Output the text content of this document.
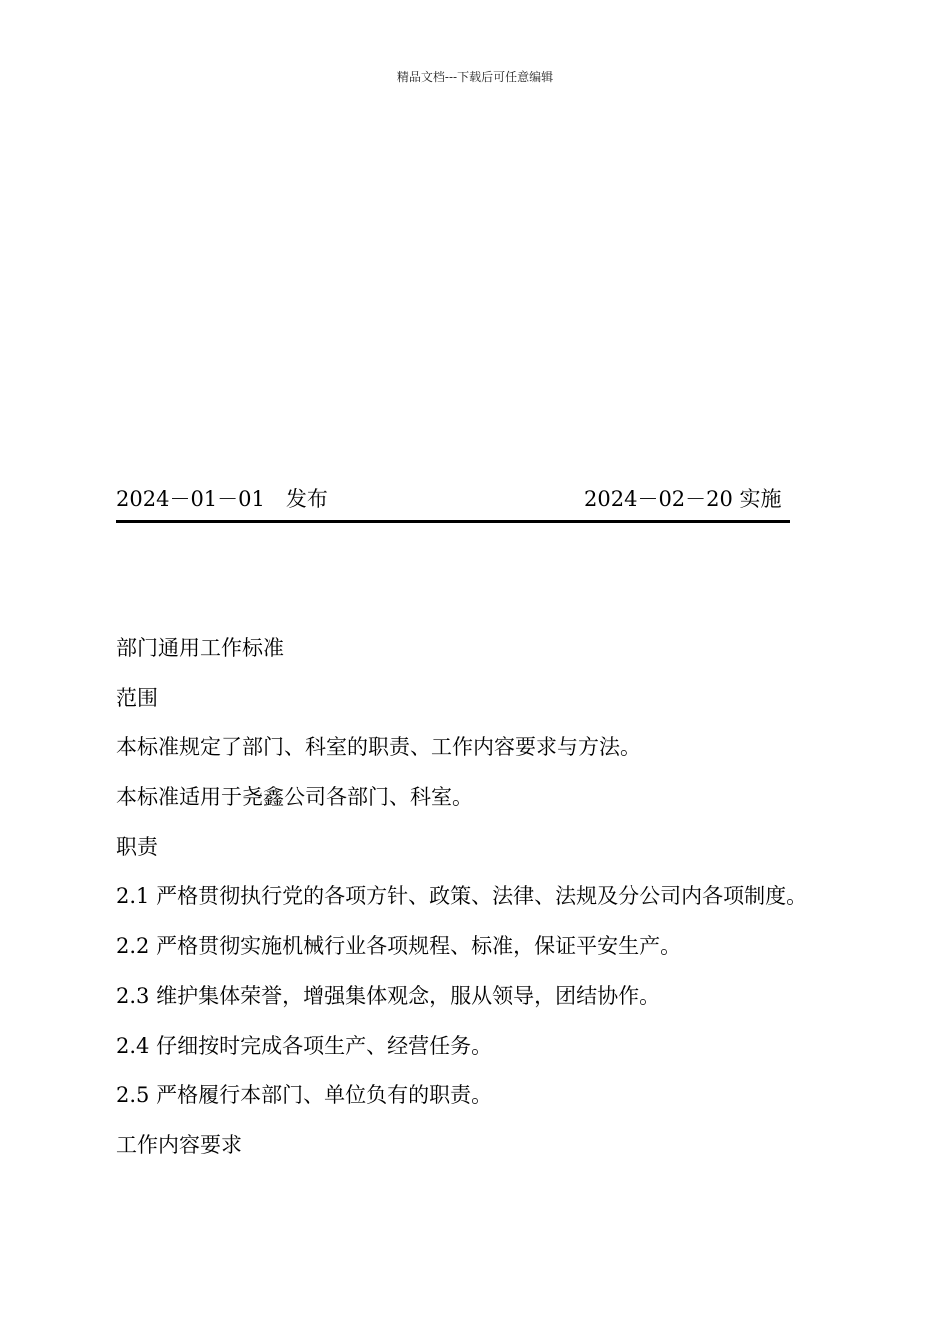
精品文档---下载后可任意编辑
2024－01－01　发布	2024－02－20 实施

部门通用工作标准

范围

本标准规定了部门、科室的职责、工作内容要求与方法。

本标准适用于尧鑫公司各部门、科室。

职责

2.1 严格贯彻执行党的各项方针、政策、法律、法规及分公司内各项制度。

2.2 严格贯彻实施机械行业各项规程、标准，保证平安生产。

2.3 维护集体荣誉，增强集体观念，服从领导，团结协作。

2.4 仔细按时完成各项生产、经营任务。

2.5 严格履行本部门、单位负有的职责。

工作内容要求
